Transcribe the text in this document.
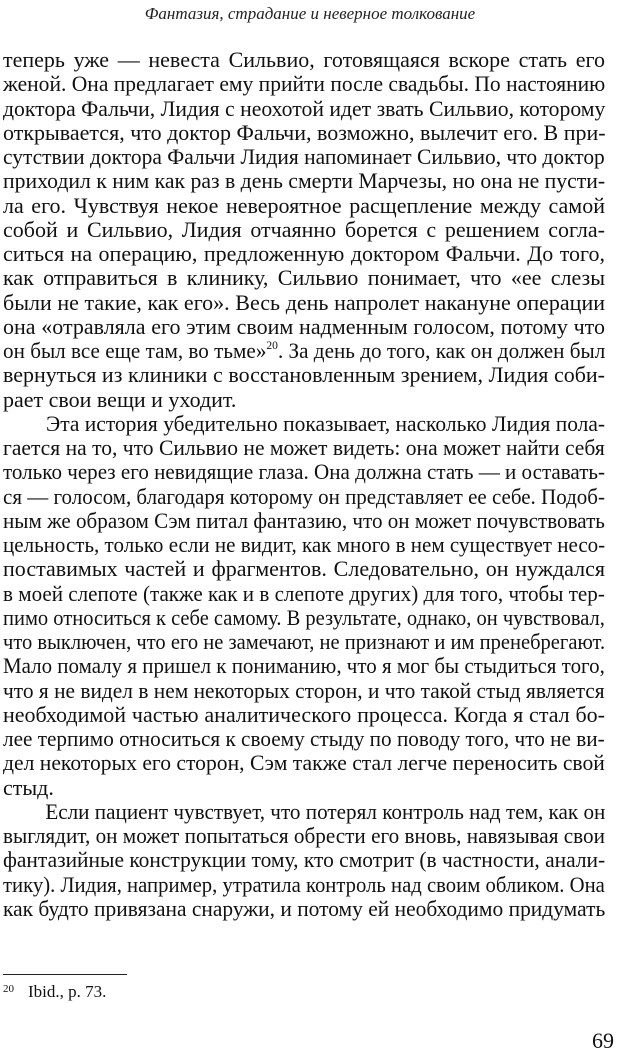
Фантазия, страдание и неверное толкование
теперь уже — невеста Сильвио, готовящаяся вскоре стать его
женой. Она предлагает ему прийти после свадьбы. По настоянию
доктора Фальчи, Лидия с неохотой идет звать Сильвио, которому
открывается, что доктор Фальчи, возможно, вылечит его. В при-
сутствии доктора Фальчи Лидия напоминает Сильвио, что доктор
приходил к ним как раз в день смерти Марчезы, но она не пусти-
ла его. Чувствуя некое невероятное расщепление между самой
собой и Сильвио, Лидия отчаянно борется с решением согла-
ситься на операцию, предложенную доктором Фальчи. До того,
как отправиться в клинику, Сильвио понимает, что «ее слезы
были не такие, как его». Весь день напролет накануне операции
она «отравляла его этим своим надменным голосом, потому что
он был все еще там, во тьме»$^{20}$. За день до того, как он должен был
вернуться из клиники с восстановленным зрением, Лидия соби-
рает свои вещи и уходит.
Эта история убедительно показывает, насколько Лидия пола-
гается на то, что Сильвио не может видеть: она может найти себя
только через его невидящие глаза. Она должна стать — и оставать-
ся — голосом, благодаря которому он представляет ее себе. Подоб-
ным же образом Сэм питал фантазию, что он может почувствовать
цельность, только если не видит, как много в нем существует несо-
поставимых частей и фрагментов. Следовательно, он нуждался
в моей слепоте (также как и в слепоте других) для того, чтобы тер-
пимо относиться к себе самому. В результате, однако, он чувствовал,
что выключен, что его не замечают, не признают и им пренебрегают.
Мало помалу я пришел к пониманию, что я мог бы стыдиться того,
что я не видел в нем некоторых сторон, и что такой стыд является
необходимой частью аналитического процесса. Когда я стал бо-
лее терпимо относиться к своему стыду по поводу того, что не ви-
дел некоторых его сторон, Сэм также стал легче переносить свой
стыд.
Если пациент чувствует, что потерял контроль над тем, как он
выглядит, он может попытаться обрести его вновь, навязывая свои
фантазийные конструкции тому, кто смотрит (в частности, анали-
тику). Лидия, например, утратила контроль над своим обликом. Она
как будто привязана снаружи, и потому ей необходимо придумать
$^{20}$ Ibid., p. 73.
69
